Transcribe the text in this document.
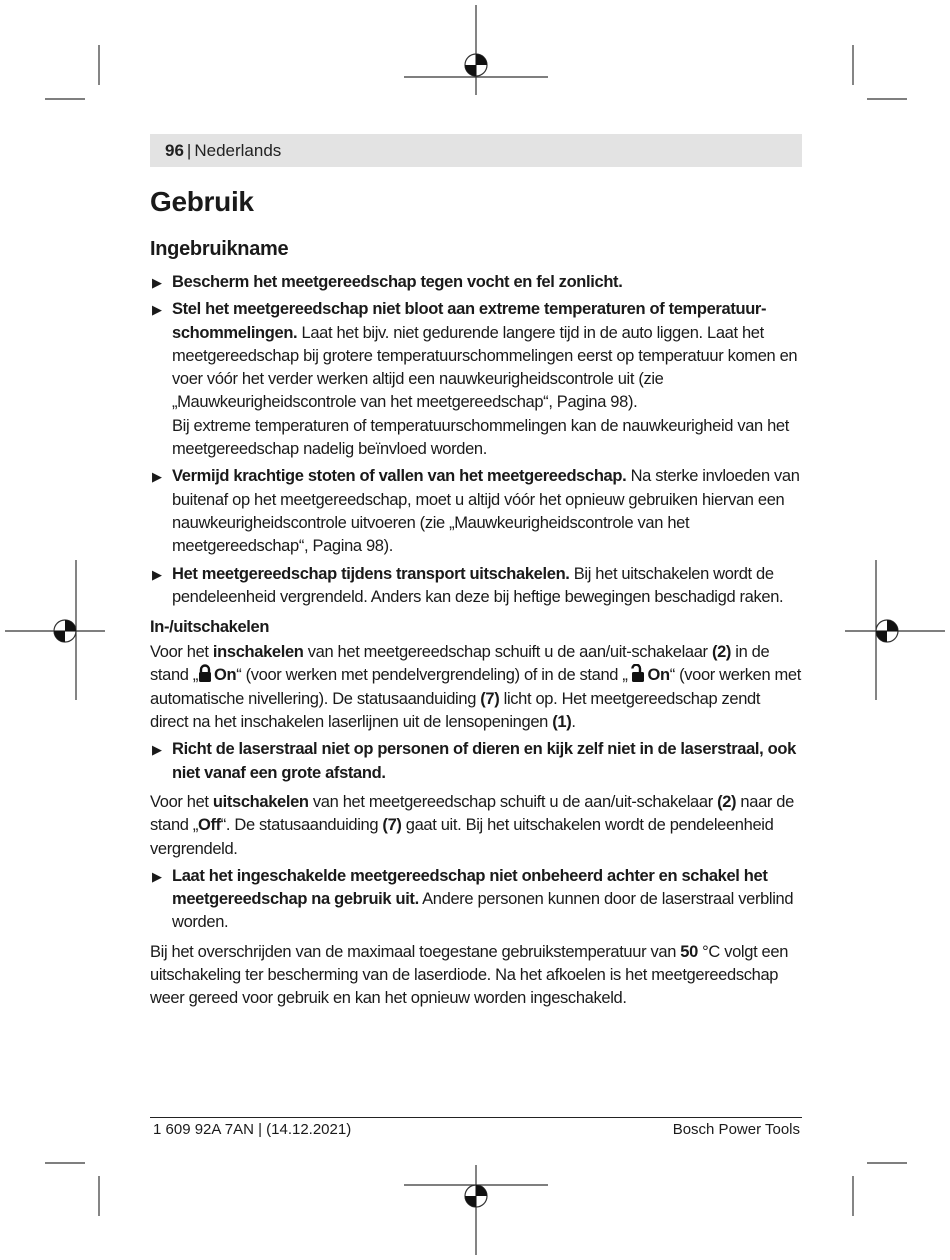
96 | Nederlands
Gebruik
Ingebruikname
▶ Bescherm het meetgereedschap tegen vocht en fel zonlicht.
▶ Stel het meetgereedschap niet bloot aan extreme temperaturen of temperatuurschommelingen. Laat het bijv. niet gedurende langere tijd in de auto liggen. Laat het meetgereedschap bij grotere temperatuurschommelingen eerst op temperatuur komen en voer vóór het verder werken altijd een nauwkeurigheidscontrole uit (zie „Mauwkeurigheidscontrole van het meetgereedschap“, Pagina 98).
Bij extreme temperaturen of temperatuurschommelingen kan de nauwkeurigheid van het meetgereedschap nadelig beïnvloed worden.
▶ Vermijd krachtige stoten of vallen van het meetgereedschap. Na sterke invloeden van buitenaf op het meetgereedschap, moet u altijd vóór het opnieuw gebruiken hiervan een nauwkeurigheidscontrole uitvoeren (zie „Mauwkeurigheidscontrole van het meetgereedschap“, Pagina 98).
▶ Het meetgereedschap tijdens transport uitschakelen. Bij het uitschakelen wordt de pendeleenheid vergrendeld. Anders kan deze bij heftige bewegingen beschadigd raken.
In-/uitschakelen

Voor het inschakelen van het meetgereedschap schuift u de aan/uit-schakelaar (2) in de stand „ On“ (voor werken met pendelvergrendeling) of in de stand „ On“ (voor werken met automatische nivellering). De statusaanduiding (7) licht op. Het meetgereedschap zendt direct na het inschakelen laserlijnen uit de lensopeningen (1).

▶ Richt de laserstraal niet op personen of dieren en kijk zelf niet in de laserstraal, ook niet vanaf een grote afstand.

Voor het uitschakelen van het meetgereedschap schuift u de aan/uit-schakelaar (2) naar de stand „Off“. De statusaanduiding (7) gaat uit. Bij het uitschakelen wordt de pendeleenheid vergrendeld.

▶ Laat het ingeschakelde meetgereedschap niet onbeheerd achter en schakel het meetgereedschap na gebruik uit. Andere personen kunnen door de laserstraal verblind worden.

Bij het overschrijden van de maximaal toegestane gebruikstemperatuur van 50 °C volgt een uitschakeling ter bescherming van de laserdiode. Na het afkoelen is het meetgereedschap weer gereed voor gebruik en kan het opnieuw worden ingeschakeld.

1 609 92A 7AN | (14.12.2021)	Bosch Power Tools
